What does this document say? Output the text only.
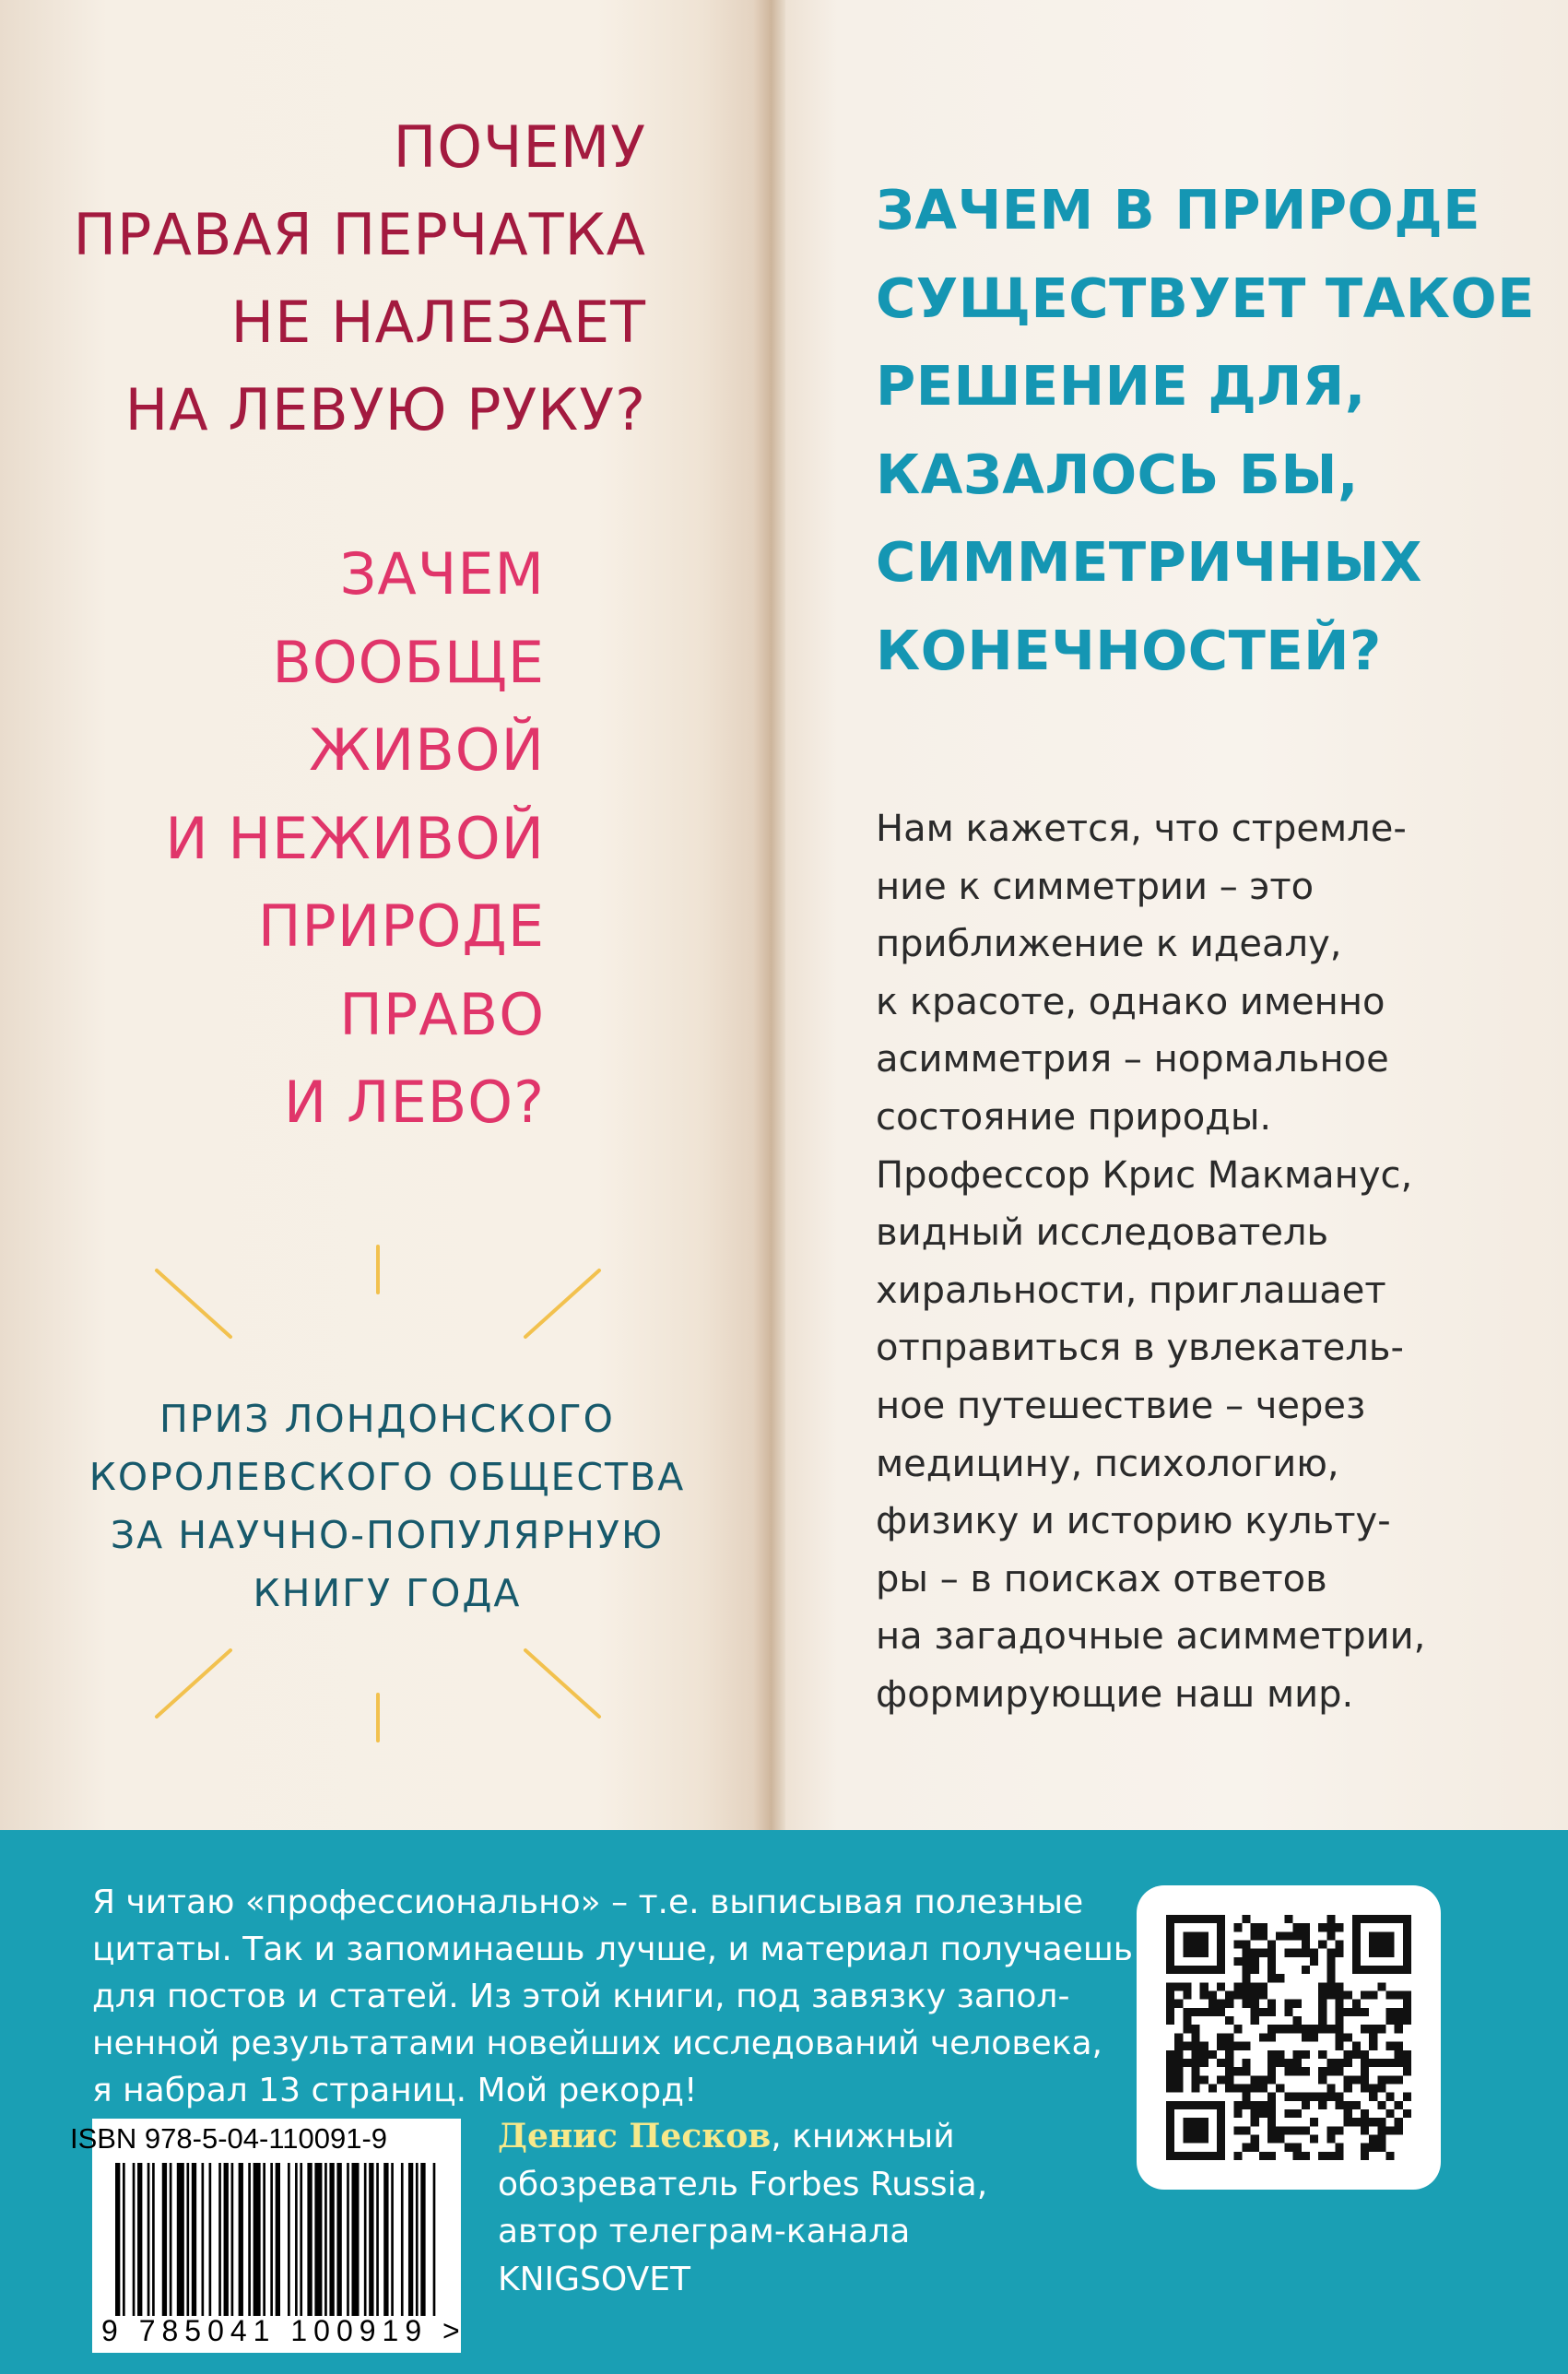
ПОЧЕМУ
ПРАВАЯ ПЕРЧАТКА
НЕ НАЛЕЗАЕТ
НА ЛЕВУЮ РУКУ?
ЗАЧЕМ
ВООБЩЕ
ЖИВОЙ
И НЕЖИВОЙ
ПРИРОДЕ
ПРАВО
И ЛЕВО?
ЗАЧЕМ В ПРИРОДЕ
СУЩЕСТВУЕТ ТАКОЕ
РЕШЕНИЕ ДЛЯ,
КАЗАЛОСЬ БЫ,
СИММЕТРИЧНЫХ
КОНЕЧНОСТЕЙ?
Нам кажется, что стремле-
ние к симметрии – это
приближение к идеалу,
к красоте, однако именно
асимметрия – нормальное
состояние природы.
Профессор Крис Макманус,
видный исследователь
хиральности, приглашает
отправиться в увлекатель-
ное путешествие – через
медицину, психологию,
физику и историю культу-
ры – в поисках ответов
на загадочные асимметрии,
формирующие наш мир.
ПРИЗ ЛОНДОНСКОГО
КОРОЛЕВСКОГО ОБЩЕСТВА
ЗА НАУЧНО-ПОПУЛЯРНУЮ
КНИГУ ГОДА
Я читаю «профессионально» – т.е. выписывая полезные
цитаты. Так и запоминаешь лучше, и материал получаешь
для постов и статей. Из этой книги, под завязку запол-
ненной результатами новейших исследований человека,
я набрал 13 страниц. Мой рекорд!
Денис Песков, книжный
обозреватель Forbes Russia,
автор телеграм-канала
KNIGSOVET
ISBN 978-5-04-110091-9
9 785041 100919 >
